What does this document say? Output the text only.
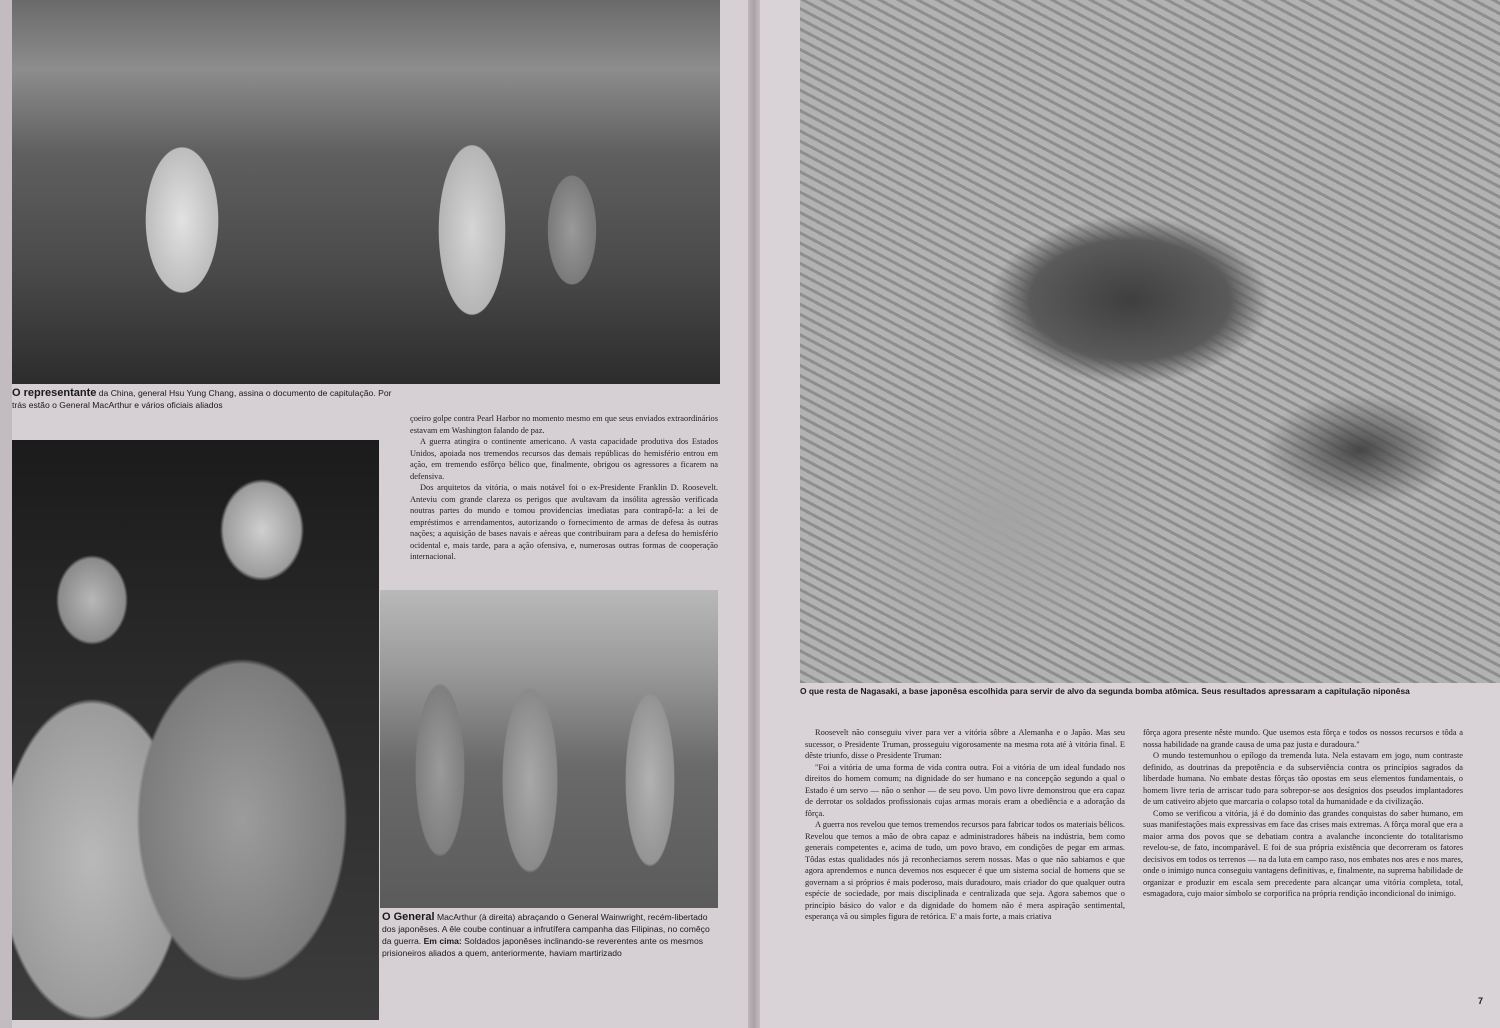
O representante da China, general Hsu Yung Chang, assina o documento de capitulação. Por trás estão o General MacArthur e vários oficiais aliados

çoeiro golpe contra Pearl Harbor no momento mesmo em que seus enviados extraordinários estavam em Washington falando de paz.

A guerra atingira o continente americano. A vasta capacidade produtiva dos Estados Unidos, apoiada nos tremendos recursos das demais repúblicas do hemisfério entrou em ação, em tremendo esfôrço bélico que, finalmente, obrigou os agressores a ficarem na defensiva.

Dos arquitetos da vitória, o mais notável foi o ex-Presidente Franklin D. Roosevelt. Anteviu com grande clareza os perigos que avultavam da insólita agressão verificada noutras partes do mundo e tomou providencias imediatas para contrapô-la: a lei de empréstimos e arrendamentos, autorizando o fornecimento de armas de defesa às outras nações; a aquisição de bases navais e aéreas que contribuiram para a defesa do hemisfério ocidental e, mais tarde, para a ação ofensiva, e, numerosas outras formas de cooperação internacional.

O General MacArthur (à direita) abraçando o General Wainwright, recém-libertado dos japonêses. A êle coube continuar a infrutífera campanha das Filipinas, no comêço da guerra. Em cima: Soldados japonêses inclinando-se reverentes ante os mesmos prisioneiros aliados a quem, anteriormente, haviam martirizado
O que resta de Nagasaki, a base japonêsa escolhida para servir de alvo da segunda bomba atômica. Seus resultados apressaram a capitulação niponêsa

Roosevelt não conseguiu viver para ver a vitória sôbre a Alemanha e o Japão. Mas seu sucessor, o Presidente Truman, prosseguiu vigorosamente na mesma rota até à vitória final. E dêste triunfo, disse o Presidente Truman:

"Foi a vitória de uma forma de vida contra outra. Foi a vitória de um ideal fundado nos direitos do homem comum; na dignidade do ser humano e na concepção segundo a qual o Estado é um servo — não o senhor — de seu povo. Um povo livre demonstrou que era capaz de derrotar os soldados profissionais cujas armas morais eram a obediência e a adoração da fôrça.

A guerra nos revelou que temos tremendos recursos para fabricar todos os materiais bélicos. Revelou que temos a mão de obra capaz e administradores hábeis na indústria, bem como generais competentes e, acima de tudo, um povo bravo, em condições de pegar em armas. Tôdas estas qualidades nós já reconheciamos serem nossas. Mas o que não sabiamos e que agora aprendemos e nunca devemos nos esquecer é que um sistema social de homens que se governam a si próprios é mais poderoso, mais duradouro, mais criador do que qualquer outra espécie de sociedade, por mais disciplinada e centralizada que seja. Agora sabemos que o princípio básico do valor e da dignidade do homem não é mera aspiração sentimental, esperança vã ou simples figura de retórica. E' a mais forte, a mais criativa

fôrça agora presente nêste mundo. Que usemos esta fôrça e todos os nossos recursos e tôda a nossa habilidade na grande causa de uma paz justa e duradoura."

O mundo testemunhou o epílogo da tremenda luta. Nela estavam em jogo, num contraste definido, as doutrinas da prepotência e da subserviência contra os princípios sagrados da liberdade humana. No embate destas fôrças tão opostas em seus elementos fundamentais, o homem livre teria de arriscar tudo para sobrepor-se aos desígnios dos pseudos implantadores de um cativeiro abjeto que marcaria o colapso total da humanidade e da civilização.

Como se verificou a vitória, já é do domínio das grandes conquistas do saber humano, em suas manifestações mais expressivas em face das crises mais extremas. A fôrça moral que era a maior arma dos povos que se debatiam contra a avalanche inconciente do totalitarismo revelou-se, de fato, incomparável. E foi de sua própria existência que decorreram os fatores decisivos em todos os terrenos — na da luta em campo raso, nos embates nos ares e nos mares, onde o inimigo nunca conseguiu vantagens definitivas, e, finalmente, na suprema habilidade de organizar e produzir em escala sem precedente para alcançar uma vitória completa, total, esmagadora, cujo maior símbolo se corporifica na própria rendição incondicional do inimigo.

7
